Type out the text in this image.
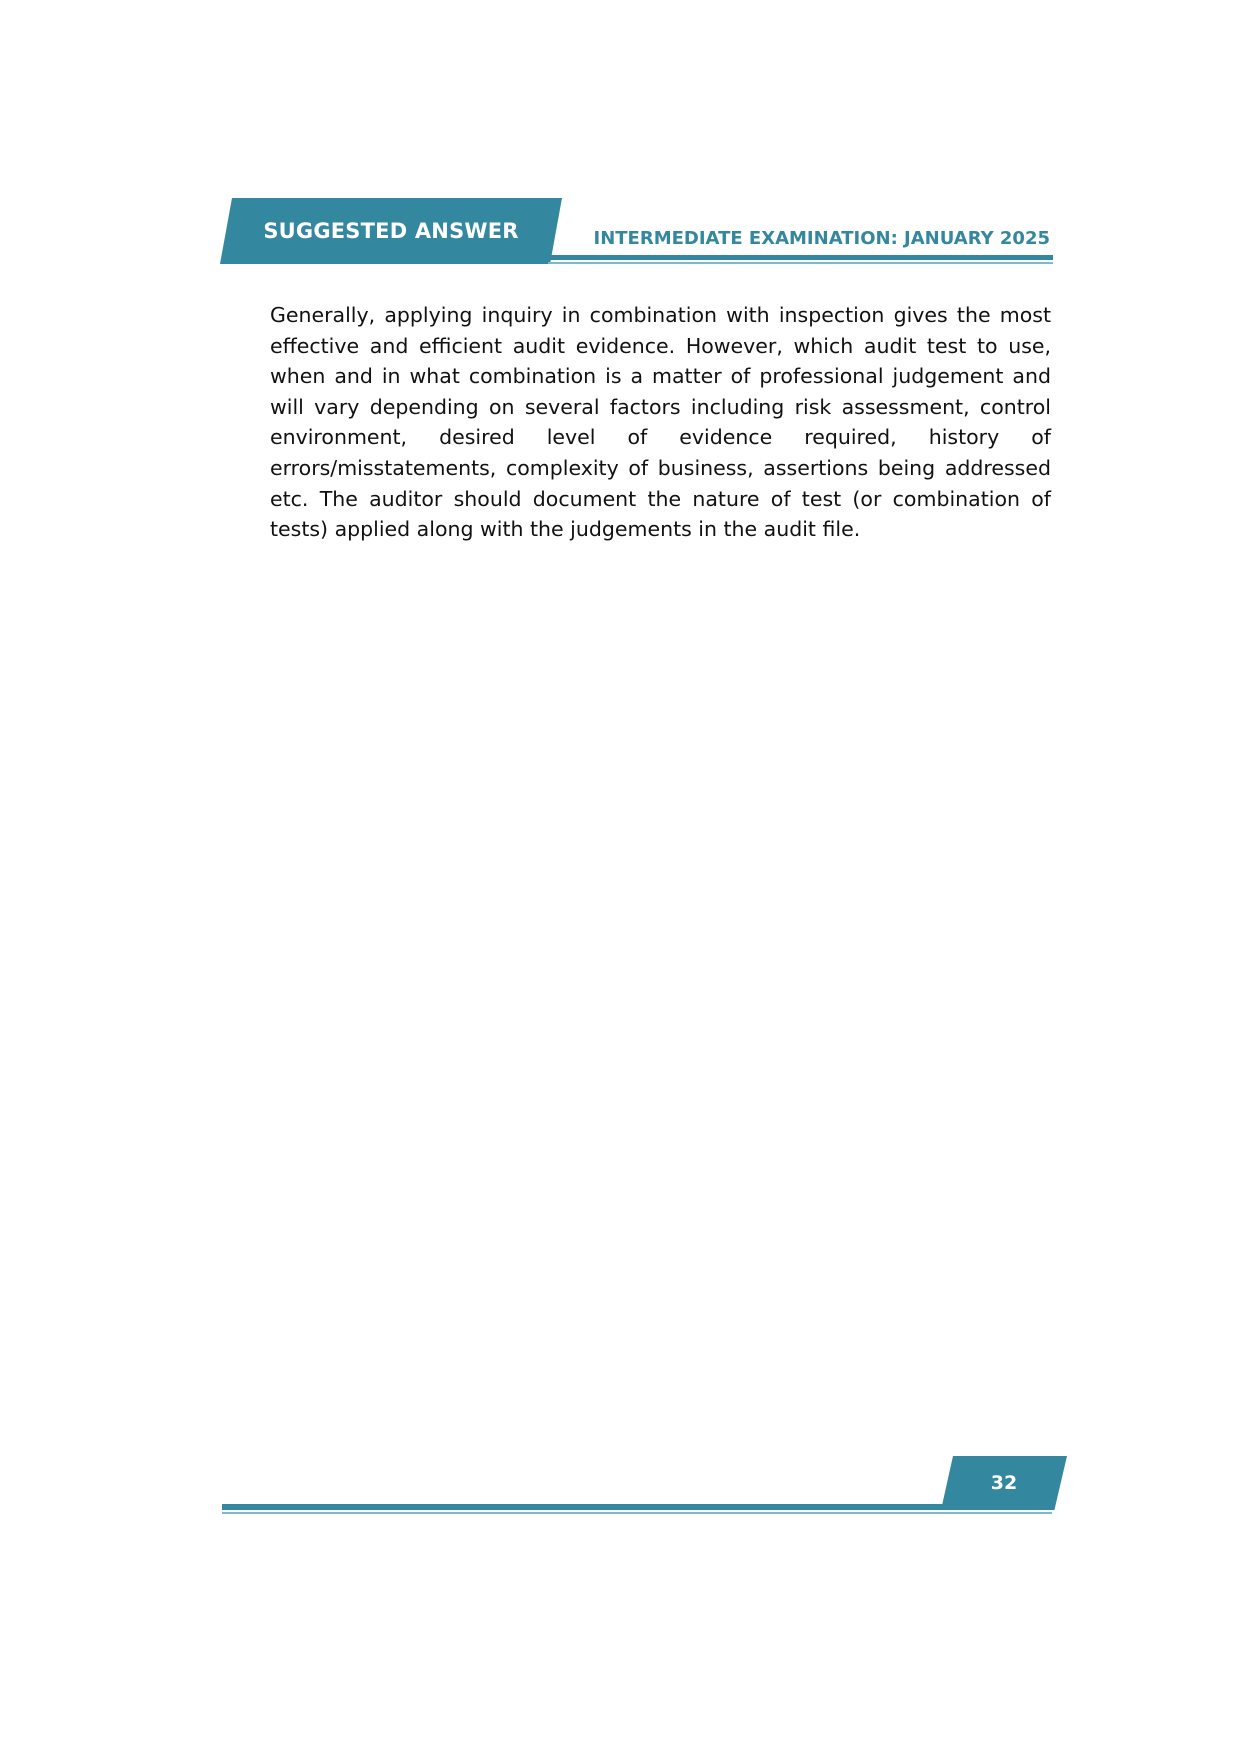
SUGGESTED ANSWER	INTERMEDIATE EXAMINATION: JANUARY 2025

Generally, applying inquiry in combination with inspection gives the most effective and efficient audit evidence. However, which audit test to use, when and in what combination is a matter of professional judgement and will vary depending on several factors including risk assessment, control environment, desired level of evidence required, history of errors/misstatements, complexity of business, assertions being addressed etc. The auditor should document the nature of test (or combination of tests) applied along with the judgements in the audit file.

32
